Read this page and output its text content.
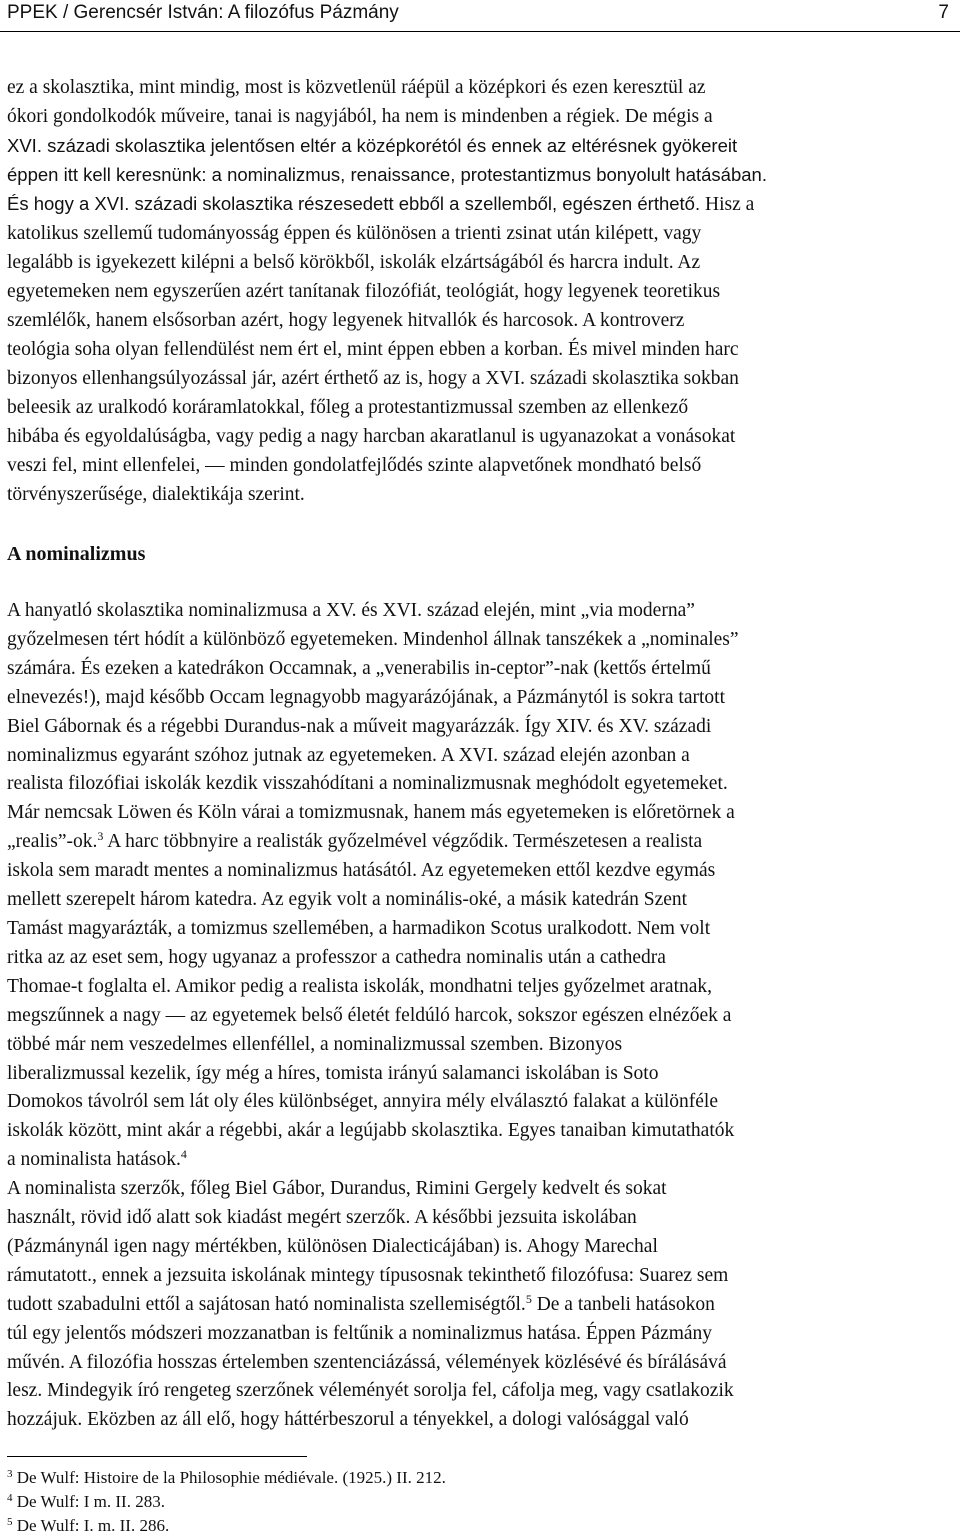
PPEK / Gerencsér István: A filozófus Pázmány	7

ez a skolasztika, mint mindig, most is közvetlenül ráépül a középkori és ezen keresztül az
ókori gondolkodók műveire, tanai is nagyjából, ha nem is mindenben a régiek. De mégis a
XVI. századi skolasztika jelentősen eltér a középkorétól és ennek az eltérésnek gyökereit
éppen itt kell keresnünk: a nominalizmus, renaissance, protestantizmus bonyolult hatásában.
És hogy a XVI. századi skolasztika részesedett ebből a szellemből, egészen érthető. Hisz a
katolikus szellemű tudományosság éppen és különösen a trienti zsinat után kilépett, vagy
legalább is igyekezett kilépni a belső körökből, iskolák elzártságából és harcra indult. Az
egyetemeken nem egyszerűen azért tanítanak filozófiát, teológiát, hogy legyenek teoretikus
szemlélők, hanem elsősorban azért, hogy legyenek hitvallók és harcosok. A kontroverz
teológia soha olyan fellendülést nem ért el, mint éppen ebben a korban. És mivel minden harc
bizonyos ellenhangsúlyozással jár, azért érthető az is, hogy a XVI. századi skolasztika sokban
beleesik az uralkodó koráramlatokkal, főleg a protestantizmussal szemben az ellenkező
hibába és egyoldalúságba, vagy pedig a nagy harcban akaratlanul is ugyanazokat a vonásokat
veszi fel, mint ellenfelei, — minden gondolatfejlődés szinte alapvetőnek mondható belső
törvényszerűsége, dialektikája szerint.

A nominalizmus

A hanyatló skolasztika nominalizmusa a XV. és XVI. század elején, mint „via moderna”
győzelmesen tért hódít a különböző egyetemeken. Mindenhol állnak tanszékek a „nominales”
számára. És ezeken a katedrákon Occamnak, a „venerabilis in-ceptor”-nak (kettős értelmű
elnevezés!), majd később Occam legnagyobb magyarázójának, a Pázmánytól is sokra tartott
Biel Gábornak és a régebbi Durandus-nak a műveit magyarázzák. Így XIV. és XV. századi
nominalizmus egyaránt szóhoz jutnak az egyetemeken. A XVI. század elején azonban a
realista filozófiai iskolák kezdik visszahódítani a nominalizmusnak meghódolt egyetemeket.
Már nemcsak Löwen és Köln várai a tomizmusnak, hanem más egyetemeken is előretörnek a
„realis”-ok.$^3$ A harc többnyire a realisták győzelmével végződik. Természetesen a realista
iskola sem maradt mentes a nominalizmus hatásától. Az egyetemeken ettől kezdve egymás
mellett szerepelt három katedra. Az egyik volt a nominális-oké, a másik katedrán Szent
Tamást magyarázták, a tomizmus szellemében, a harmadikon Scotus uralkodott. Nem volt
ritka az az eset sem, hogy ugyanaz a professzor a cathedra nominalis után a cathedra
Thomae-t foglalta el. Amikor pedig a realista iskolák, mondhatni teljes győzelmet aratnak,
megszűnnek a nagy — az egyetemek belső életét feldúló harcok, sokszor egészen elnézőek a
többé már nem veszedelmes ellenféllel, a nominalizmussal szemben. Bizonyos
liberalizmussal kezelik, így még a híres, tomista irányú salamanci iskolában is Soto
Domokos távolról sem lát oly éles különbséget, annyira mély elválasztó falakat a különféle
iskolák között, mint akár a régebbi, akár a legújabb skolasztika. Egyes tanaiban kimutathatók
a nominalista hatások.$^4$

A nominalista szerzők, főleg Biel Gábor, Durandus, Rimini Gergely kedvelt és sokat
használt, rövid idő alatt sok kiadást megért szerzők. A későbbi jezsuita iskolában
(Pázmánynál igen nagy mértékben, különösen Dialecticájában) is. Ahogy Marechal
rámutatott., ennek a jezsuita iskolának mintegy típusosnak tekinthető filozófusa: Suarez sem
tudott szabadulni ettől a sajátosan ható nominalista szellemiségtől.$^5$ De a tanbeli hatásokon
túl egy jelentős módszeri mozzanatban is feltűnik a nominalizmus hatása. Éppen Pázmány
művén. A filozófia hosszas értelemben szentenciázássá, vélemények közlésévé és bírálásává
lesz. Mindegyik író rengeteg szerzőnek véleményét sorolja fel, cáfolja meg, vagy csatlakozik
hozzájuk. Eközben az áll elő, hogy háttérbeszorul a tényekkel, a dologi valósággal való

$^3$ De Wulf: Histoire de la Philosophie médiévale. (1925.) II. 212.
$^4$ De Wulf: I m. II. 283.
$^5$ De Wulf: I. m. II. 286.
